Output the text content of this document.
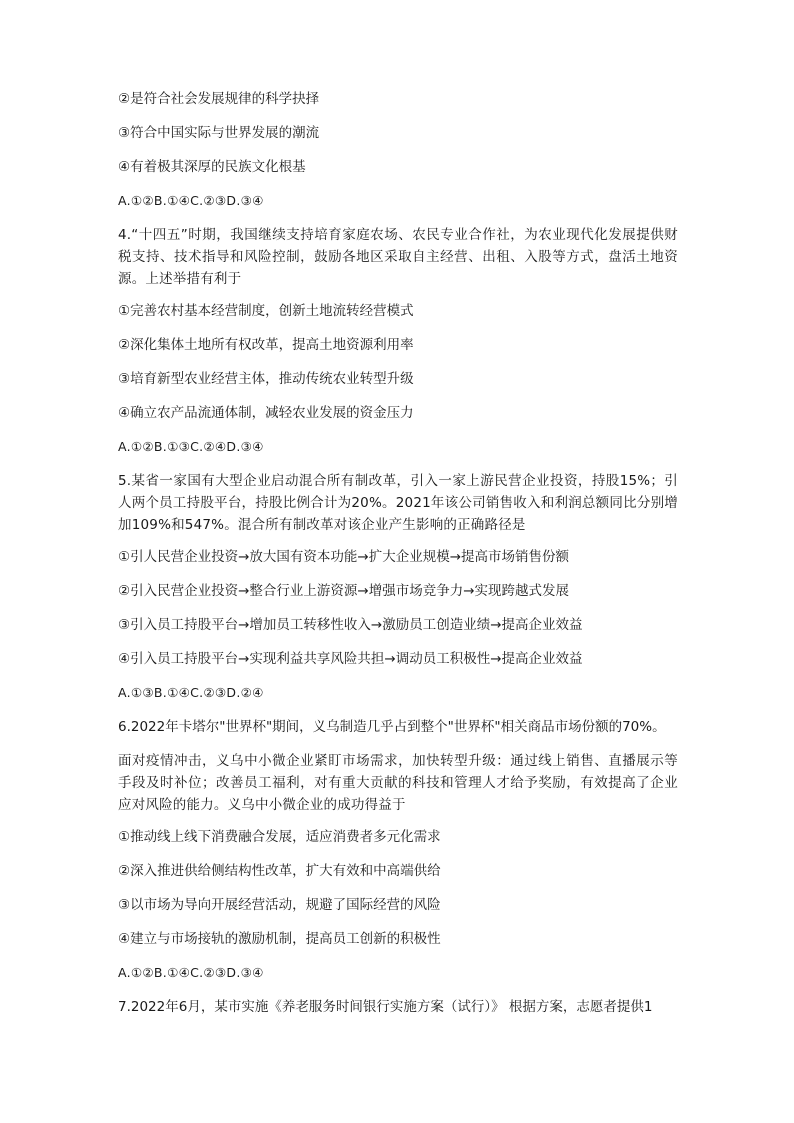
②是符合社会发展规律的科学抉择
③符合中国实际与世界发展的潮流
④有着极其深厚的民族文化根基
A.①②B.①④C.②③D.③④
4.“十四五”时期，我国继续支持培育家庭农场、农民专业合作社，为农业现代化发展提供财税支持、技术指导和风险控制，鼓励各地区采取自主经营、出租、入股等方式，盘活土地资源。上述举措有利于
①完善农村基本经营制度，创新土地流转经营模式
②深化集体土地所有权改革，提高土地资源利用率
③培育新型农业经营主体，推动传统农业转型升级
④确立农产品流通体制，减轻农业发展的资金压力
A.①②B.①③C.②④D.③④
5.某省一家国有大型企业启动混合所有制改革，引入一家上游民营企业投资，持股15%；引人两个员工持股平台，持股比例合计为20%。2021年该公司销售收入和利润总额同比分别增加109%和547%。混合所有制改革对该企业产生影响的正确路径是
①引人民营企业投资→放大国有资本功能→扩大企业规模→提高市场销售份额
②引入民营企业投资→整合行业上游资源→增强市场竞争力→实现跨越式发展
③引入员工持股平台→增加员工转移性收入→激励员工创造业绩→提高企业效益
④引入员工持股平台→实现利益共享风险共担→调动员工积极性→提高企业效益
A.①③B.①④C.②③D.②④
6.2022年卡塔尔"世界杯"期间，义乌制造几乎占到整个"世界杯"相关商品市场份额的70%。
面对疫情冲击，义乌中小微企业紧盯市场需求，加快转型升级：通过线上销售、直播展示等手段及时补位；改善员工福利，对有重大贡献的科技和管理人才给予奖励，有效提高了企业应对风险的能力。义乌中小微企业的成功得益于
①推动线上线下消费融合发展，适应消费者多元化需求
②深入推进供给侧结构性改革，扩大有效和中高端供给
③以市场为导向开展经营活动，规避了国际经营的风险
④建立与市场接轨的激励机制，提高员工创新的积极性
A.①②B.①④C.②③D.③④
7.2022年6月，某市实施《养老服务时间银行实施方案（试行）》 根据方案，志愿者提供1
